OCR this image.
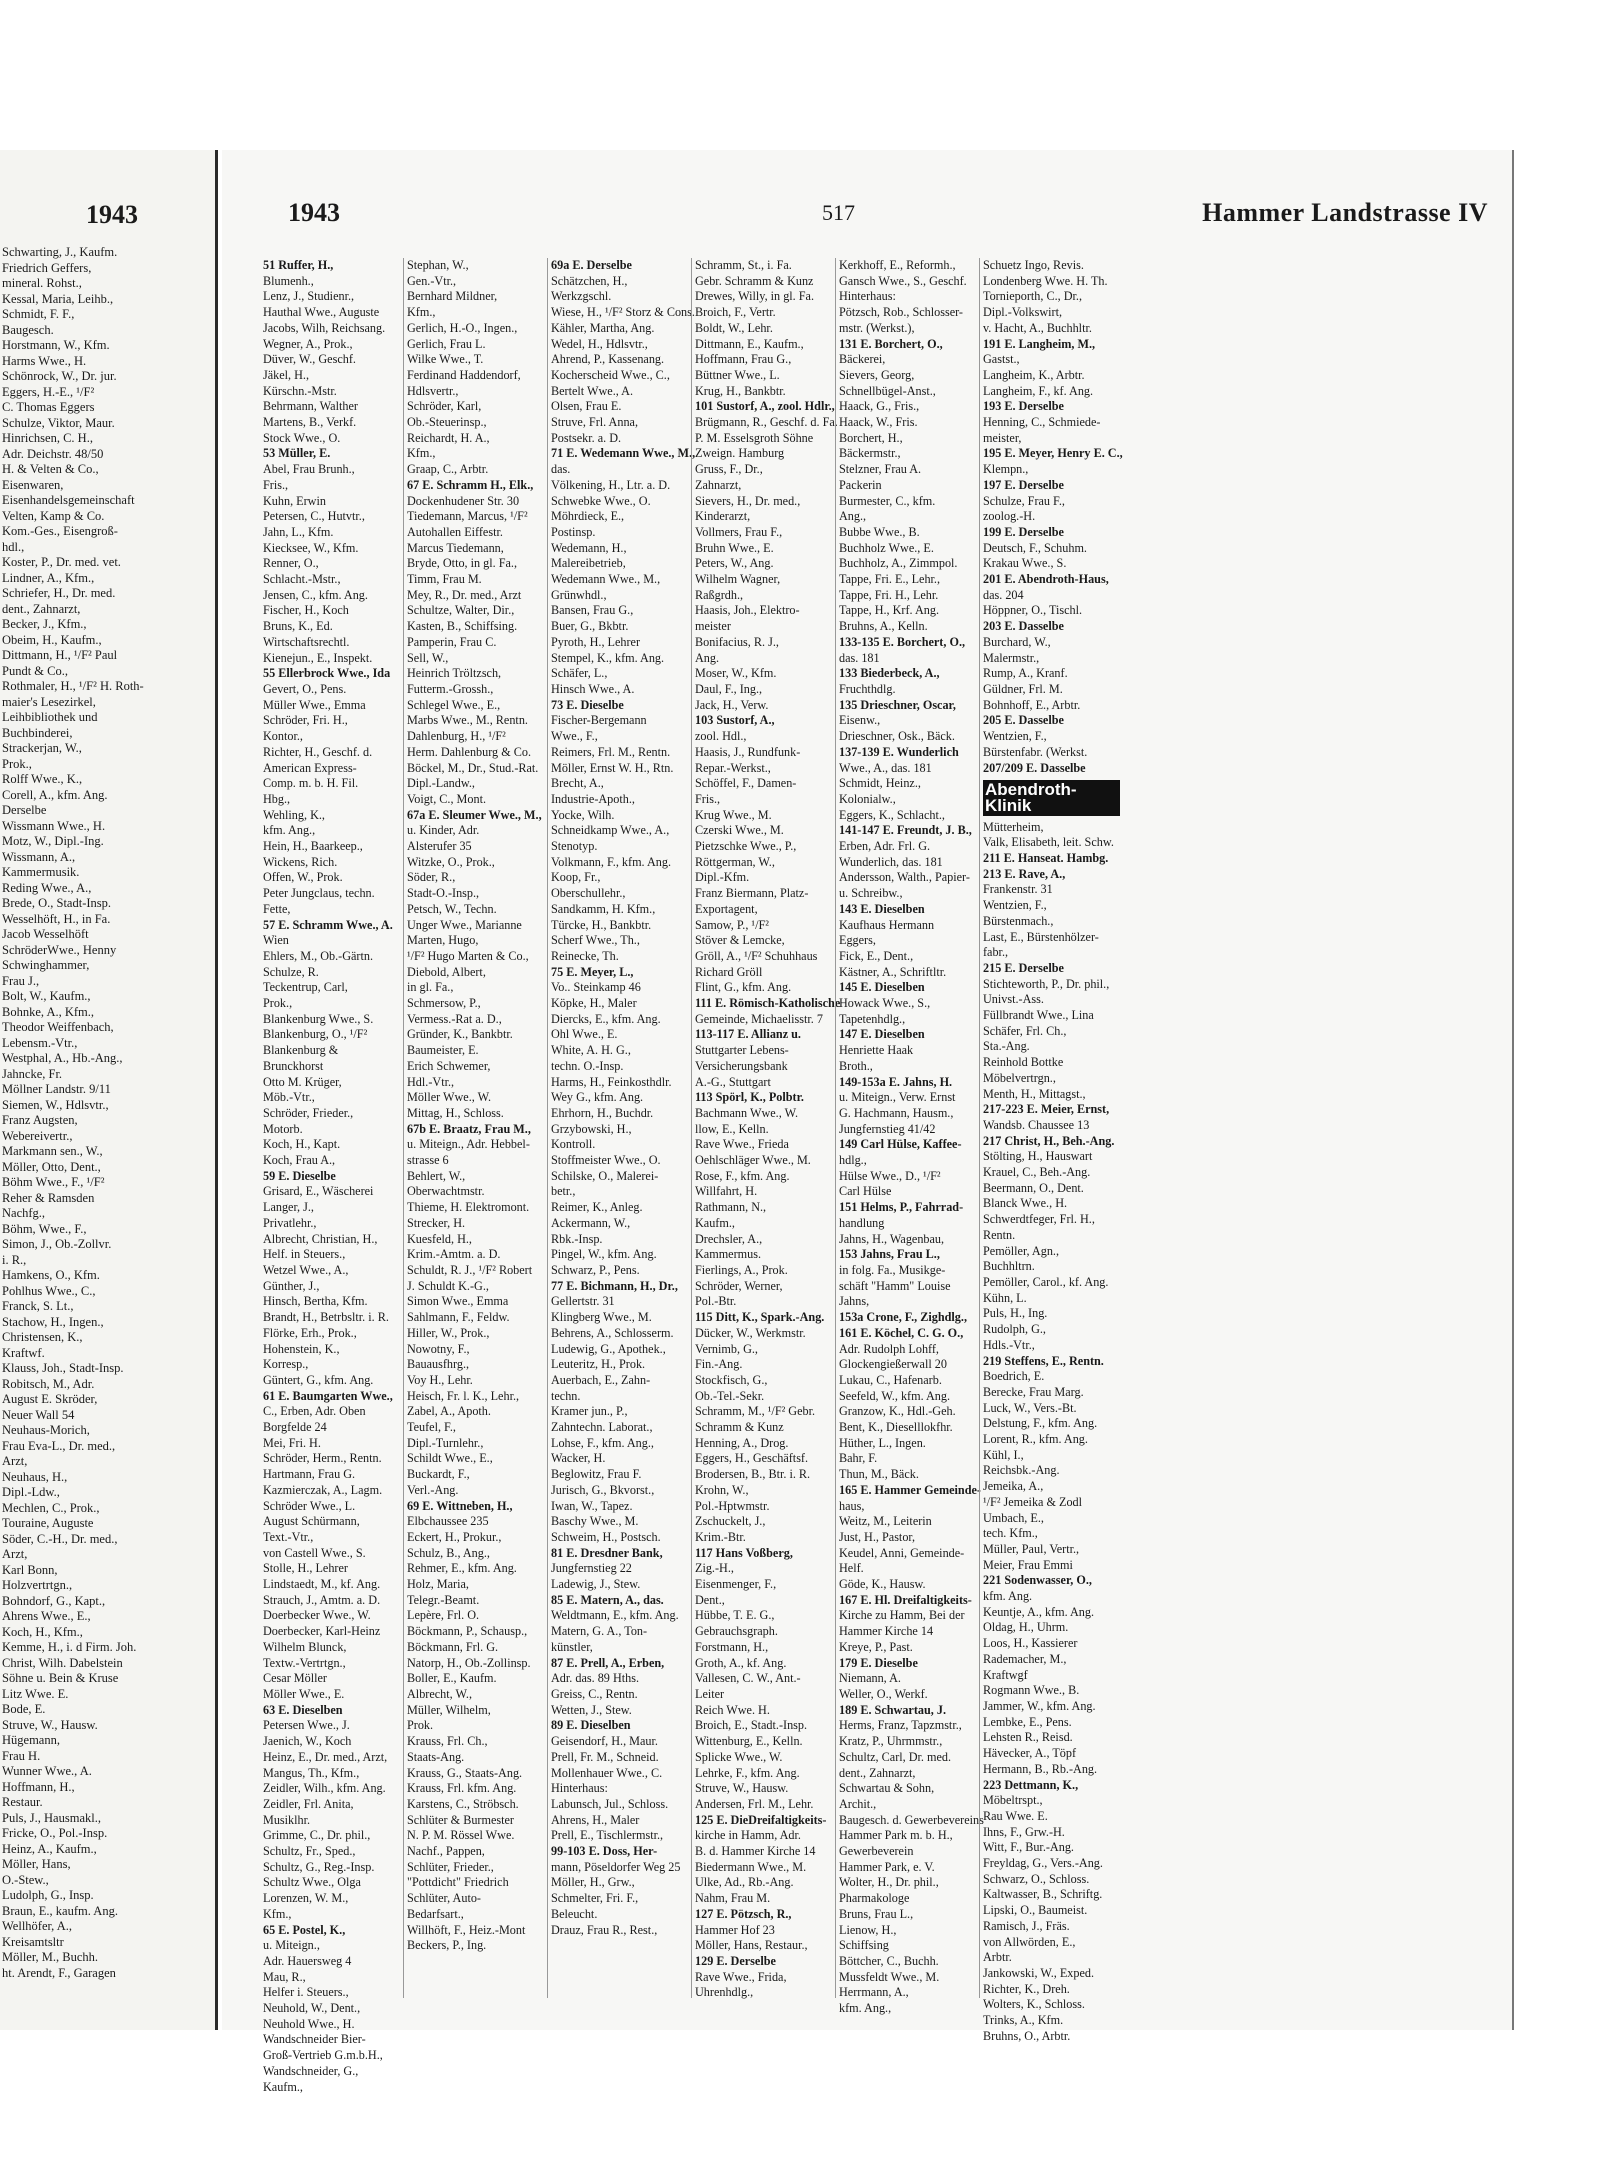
1943
Schwarting, J., Kaufm.
Friedrich Geffers,
mineral. Rohst.,
Kessal, Maria, Leihb.,
Schmidt, F. F.,
Baugesch.
Horstmann, W., Kfm.
Harms Wwe., H.
Schönrock, W., Dr. jur.
Eggers, H.-E., ¹/F²
C. Thomas Eggers
Schulze, Viktor, Maur.
Hinrichsen, C. H.,
Adr. Deichstr. 48/50
H. & Velten & Co.,
Eisenwaren,
Eisenhandelsgemeinschaft
Velten, Kamp & Co.
Kom.-Ges., Eisengroß-
hdl.,
Koster, P., Dr. med. vet.
Lindner, A., Kfm.,
Schriefer, H., Dr. med.
dent., Zahnarzt,
Becker, J., Kfm.,
Obeim, H., Kaufm.,
Dittmann, H., ¹/F² Paul
Pundt & Co.,
Rothmaler, H., ¹/F² H. Roth-
maier's Lesezirkel,
Leihbibliothek und
Buchbinderei,
Strackerjan, W.,
Prok.,
Rolff Wwe., K.,
Corell, A., kfm. Ang.
Derselbe
Wissmann Wwe., H.
Motz, W., Dipl.-Ing.
Wissmann, A.,
Kammermusik.
Reding Wwe., A.,
Brede, O., Stadt-Insp.
Wesselhöft, H., in Fa.
Jacob Wesselhöft
SchröderWwe., Henny
Schwinghammer,
Frau J.,
Bolt, W., Kaufm.,
Bohnke, A., Kfm.,
Theodor Weiffenbach,
Lebensm.-Vtr.,
Westphal, A., Hb.-Ang.,
Jahncke, Fr.
Möllner Landstr. 9/11
Siemen, W., Hdlsvtr.,
Franz Augsten,
Webereivertr.,
Markmann sen., W.,
Möller, Otto, Dent.,
Böhm Wwe., F., ¹/F²
Reher & Ramsden
Nachfg.,
Böhm, Wwe., F.,
Simon, J., Ob.-Zollvr.
i. R.,
Hamkens, O., Kfm.
Pohlhus Wwe., C.,
Franck, S. Lt.,
Stachow, H., Ingen.,
Christensen, K.,
Kraftwf.
Klauss, Joh., Stadt-Insp.
Robitsch, M., Adr.
August E. Skröder,
Neuer Wall 54
Neuhaus-Morich,
Frau Eva-L., Dr. med.,
Arzt,
Neuhaus, H.,
Dipl.-Ldw.,
Mechlen, C., Prok.,
Touraine, Auguste
Söder, C.-H., Dr. med.,
Arzt,
Karl Bonn,
Holzvertrtgn.,
Bohndorf, G., Kapt.,
Ahrens Wwe., E.,
Koch, H., Kfm.,
Kemme, H., i. d Firm. Joh.
Christ, Wilh. Dabelstein
Söhne u. Bein & Kruse
Litz Wwe. E.
Bode, E.
Struve, W., Hausw.
Hügemann,
Frau H.
Wunner Wwe., A.
Hoffmann, H.,
Restaur.
Puls, J., Hausmakl.,
Fricke, O., Pol.-Insp.
Heinz, A., Kaufm.,
Möller, Hans,
O.-Stew.,
Ludolph, G., Insp.
Braun, E., kaufm. Ang.
Wellhöfer, A.,
Kreisamtsltr
Möller, M., Buchh.
ht. Arendt, F., Garagen
1943	517	Hammer Landstrasse IV
51 Ruffer, H.,
Blumenh.,
Lenz, J., Studienr.,
Hauthal Wwe., Auguste
Jacobs, Wilh, Reichsang.
Wegner, A., Prok.,
Düver, W., Geschf.
Jäkel, H.,
Kürschn.-Mstr.
Behrmann, Walther
Martens, B., Verkf.
Stock Wwe., O.
53 Müller, E.
Abel, Frau Brunh.,
Fris.,
Kuhn, Erwin
Petersen, C., Hutvtr.,
Jahn, L., Kfm.
Kiecksee, W., Kfm.
Renner, O.,
Schlacht.-Mstr.,
Jensen, C., kfm. Ang.
Fischer, H., Koch
Bruns, K., Ed.
Wirtschaftsrechtl.
Kienejun., E., Inspekt.
55 Ellerbrock Wwe., Ida
Gevert, O., Pens.
Müller Wwe., Emma
Schröder, Fri. H.,
Kontor.,
Richter, H., Geschf. d.
American Express-
Comp. m. b. H. Fil.
Hbg.,
Wehling, K.,
kfm. Ang.,
Hein, H., Baarkeep.,
Wickens, Rich.
Offen, W., Prok.
Peter Jungclaus, techn.
Fette,
57 E. Schramm Wwe., A.
Wien
Ehlers, M., Ob.-Gärtn.
Schulze, R.
Teckentrup, Carl,
Prok.,
Blankenburg Wwe., S.
Blankenburg, O., ¹/F²
Blankenburg &
Brunckhorst
Otto M. Krüger,
Möb.-Vtr.,
Schröder, Frieder.,
Motorb.
Koch, H., Kapt.
Koch, Frau A.,
59 E. Dieselbe
Grisard, E., Wäscherei
Langer, J.,
Privatlehr.,
Albrecht, Christian, H.,
Helf. in Steuers.,
Wetzel Wwe., A.,
Günther, J.,
Hinsch, Bertha, Kfm.
Brandt, H., Betrbsltr. i. R.
Flörke, Erh., Prok.,
Hohenstein, K.,
Korresp.,
Güntert, G., kfm. Ang.
61 E. Baumgarten Wwe.,
C., Erben, Adr. Oben
Borgfelde 24
Mei, Fri. H.
Schröder, Herm., Rentn.
Hartmann, Frau G.
Kazmierczak, A., Lagm.
Schröder Wwe., L.
August Schürmann,
Text.-Vtr.,
von Castell Wwe., S.
Stolle, H., Lehrer
Lindstaedt, M., kf. Ang.
Strauch, J., Amtm. a. D.
Doerbecker Wwe., W.
Doerbecker, Karl-Heinz
Wilhelm Blunck,
Textw.-Vertrtgn.,
Cesar Möller
Möller Wwe., E.
63 E. Dieselben
Petersen Wwe., J.
Jaenich, W., Koch
Heinz, E., Dr. med., Arzt,
Mangus, Th., Kfm.,
Zeidler, Wilh., kfm. Ang.
Zeidler, Frl. Anita,
Musiklhr.
Grimme, C., Dr. phil.,
Schultz, Fr., Sped.,
Schultz, G., Reg.-Insp.
Schultz Wwe., Olga
Lorenzen, W. M.,
Kfm.,
65 E. Postel, K.,
u. Miteign.,
Adr. Hauersweg 4
Mau, R.,
Helfer i. Steuers.,
Neuhold, W., Dent.,
Neuhold Wwe., H.
Wandschneider Bier-
Groß-Vertrieb G.m.b.H.,
Wandschneider, G.,
Kaufm.,
Stephan, W.,
Gen.-Vtr.,
Bernhard Mildner,
Kfm.,
Gerlich, H.-O., Ingen.,
Gerlich, Frau L.
Wilke Wwe., T.
Ferdinand Haddendorf,
Hdlsvertr.,
Schröder, Karl,
Ob.-Steuerinsp.,
Reichardt, H. A.,
Kfm.,
Graap, C., Arbtr.
67 E. Schramm H., Elk.,
Dockenhudener Str. 30
Tiedemann, Marcus, ¹/F²
Autohallen Eiffestr.
Marcus Tiedemann,
Bryde, Otto, in gl. Fa.,
Timm, Frau M.
Mey, R., Dr. med., Arzt
Schultze, Walter, Dir.,
Kasten, B., Schiffsing.
Pamperin, Frau C.
Sell, W.,
Heinrich Tröltzsch,
Futterm.-Grossh.,
Schlegel Wwe., E.,
Marbs Wwe., M., Rentn.
Dahlenburg, H., ¹/F²
Herm. Dahlenburg & Co.
Böckel, M., Dr., Stud.-Rat.
Dipl.-Landw.,
Voigt, C., Mont.
67a E. Sleumer Wwe., M.,
u. Kinder, Adr.
Alsterufer 35
Witzke, O., Prok.,
Söder, R.,
Stadt-O.-Insp.,
Petsch, W., Techn.
Unger Wwe., Marianne
Marten, Hugo,
¹/F² Hugo Marten & Co.,
Diebold, Albert,
in gl. Fa.,
Schmersow, P.,
Vermess.-Rat a. D.,
Gründer, K., Bankbtr.
Baumeister, E.
Erich Schwemer,
Hdl.-Vtr.,
Möller Wwe., W.
Mittag, H., Schloss.
67b E. Braatz, Frau M.,
u. Miteign., Adr. Hebbel-
strasse 6
Behlert, W.,
Oberwachtmstr.
Thieme, H. Elektromont.
Strecker, H.
Kuesfeld, H.,
Krim.-Amtm. a. D.
Schuldt, R. J., ¹/F² Robert
J. Schuldt K.-G.,
Simon Wwe., Emma
Sahlmann, F., Feldw.
Hiller, W., Prok.,
Nowotny, F.,
Bauausfhrg.,
Voy H., Lehr.
Heisch, Fr. l. K., Lehr.,
Zabel, A., Apoth.
Teufel, F.,
Dipl.-Turnlehr.,
Schildt Wwe., E.,
Buckardt, F.,
Verl.-Ang.
69 E. Wittneben, H.,
Elbchaussee 235
Eckert, H., Prokur.,
Schulz, B., Ang.,
Rehmer, E., kfm. Ang.
Holz, Maria,
Telegr.-Beamt.
Lepère, Frl. O.
Böckmann, P., Schausp.,
Böckmann, Frl. G.
Natorp, H., Ob.-Zollinsp.
Boller, E., Kaufm.
Albrecht, W.,
Müller, Wilhelm,
Prok.
Krauss, Frl. Ch.,
Staats-Ang.
Krauss, G., Staats-Ang.
Krauss, Frl. kfm. Ang.
Karstens, C., Ströbsch.
Schlüter & Burmester
N. P. M. Rössel Wwe.
Nachf., Pappen,
Schlüter, Frieder.,
"Pottdicht" Friedrich
Schlüter, Auto-
Bedarfsart.,
Willhöft, F., Heiz.-Mont
Beckers, P., Ing.
69a E. Derselbe
Schätzchen, H.,
Werkzgschl.
Wiese, H., ¹/F² Storz & Cons.
Kähler, Martha, Ang.
Wedel, H., Hdlsvtr.,
Ahrend, P., Kassenang.
Kocherscheid Wwe., C.,
Bertelt Wwe., A.
Olsen, Frau E.
Struve, Frl. Anna,
Postsekr. a. D.
71 E. Wedemann Wwe., M.,
das.
Völkening, H., Ltr. a. D.
Schwebke Wwe., O.
Möhrdieck, E.,
Postinsp.
Wedemann, H.,
Malereibetrieb,
Wedemann Wwe., M.,
Grünwhdl.,
Bansen, Frau G.,
Buer, G., Bkbtr.
Pyroth, H., Lehrer
Stempel, K., kfm. Ang.
Schäfer, L.,
Hinsch Wwe., A.
73 E. Dieselbe
Fischer-Bergemann
Wwe., F.,
Reimers, Frl. M., Rentn.
Möller, Ernst W. H., Rtn.
Brecht, A.,
Industrie-Apoth.,
Yocke, Wilh.
Schneidkamp Wwe., A.,
Stenotyp.
Volkmann, F., kfm. Ang.
Koop, Fr.,
Oberschullehr.,
Sandkamm, H. Kfm.,
Türcke, H., Bankbtr.
Scherf Wwe., Th.,
Reinecke, Th.
75 E. Meyer, L.,
Vo.. Steinkamp 46
Köpke, H., Maler
Diercks, E., kfm. Ang.
Ohl Wwe., E.
White, A. H. G.,
techn. O.-Insp.
Harms, H., Feinkosthdlr.
Wey G., kfm. Ang.
Ehrhorn, H., Buchdr.
Grzybowski, H.,
Kontroll.
Stoffmeister Wwe., O.
Schilske, O., Malerei-
betr.,
Reimer, K., Anleg.
Ackermann, W.,
Rbk.-Insp.
Pingel, W., kfm. Ang.
Schwarz, P., Pens.
77 E. Bichmann, H., Dr.,
Gellertstr. 31
Klingberg Wwe., M.
Behrens, A., Schlosserm.
Ludewig, G., Apothek.,
Leuteritz, H., Prok.
Auerbach, E., Zahn-
techn.
Kramer jun., P.,
Zahntechn. Laborat.,
Lohse, F., kfm. Ang.,
Wacker, H.
Beglowitz, Frau F.
Jurisch, G., Bkvorst.,
Iwan, W., Tapez.
Baschy Wwe., M.
Schweim, H., Postsch.
81 E. Dresdner Bank,
Jungfernstieg 22
Ladewig, J., Stew.
85 E. Matern, A., das.
Weldtmann, E., kfm. Ang.
Matern, G. A., Ton-
künstler,
87 E. Prell, A., Erben,
Adr. das. 89 Hths.
Greiss, C., Rentn.
Wetten, J., Stew.
89 E. Dieselben
Geisendorf, H., Maur.
Prell, Fr. M., Schneid.
Mollenhauer Wwe., C.
Hinterhaus:
Labunsch, Jul., Schloss.
Ahrens, H., Maler
Prell, E., Tischlermstr.,
99-103 E. Doss, Her-
mann, Pöseldorfer Weg 25
Möller, H., Grw.,
Schmelter, Fri. F.,
Beleucht.
Drauz, Frau R., Rest.,
Schramm, St., i. Fa.
Gebr. Schramm & Kunz
Drewes, Willy, in gl. Fa.
Broich, F., Vertr.
Boldt, W., Lehr.
Dittmann, E., Kaufm.,
Hoffmann, Frau G.,
Büttner Wwe., L.
Krug, H., Bankbtr.
101 Sustorf, A., zool. Hdlr.,
Brügmann, R., Geschf. d. Fa.
P. M. Esselsgroth Söhne
Zweign. Hamburg
Gruss, F., Dr.,
Zahnarzt,
Sievers, H., Dr. med.,
Kinderarzt,
Vollmers, Frau F.,
Bruhn Wwe., E.
Peters, W., Ang.
Wilhelm Wagner,
Raßgrdh.,
Haasis, Joh., Elektro-
meister
Bonifacius, R. J.,
Ang.
Moser, W., Kfm.
Daul, F., Ing.,
Jack, H., Verw.
103 Sustorf, A.,
zool. Hdl.,
Haasis, J., Rundfunk-
Repar.-Werkst.,
Schöffel, F., Damen-
Fris.,
Krug Wwe., M.
Czerski Wwe., M.
Pietzschke Wwe., P.,
Röttgerman, W.,
Dipl.-Kfm.
Franz Biermann, Platz-
Exportagent,
Samow, P., ¹/F²
Stöver & Lemcke,
Gröll, A., ¹/F² Schuhhaus
Richard Gröll
Flint, G., kfm. Ang.
111 E. Römisch-Katholische
Gemeinde, Michaelisstr. 7
113-117 E. Allianz u.
Stuttgarter Lebens-
Versicherungsbank
A.-G., Stuttgart
113 Spörl, K., Polbtr.
Bachmann Wwe., W.
llow, E., Kelln.
Rave Wwe., Frieda
Oehlschläger Wwe., M.
Rose, F., kfm. Ang.
Willfahrt, H.
Rathmann, N.,
Kaufm.,
Drechsler, A.,
Kammermus.
Fierlings, A., Prok.
Schröder, Werner,
Pol.-Btr.
115 Ditt, K., Spark.-Ang.
Dücker, W., Werkmstr.
Vernimb, G.,
Fin.-Ang.
Stockfisch, G.,
Ob.-Tel.-Sekr.
Schramm, M., ¹/F² Gebr.
Schramm & Kunz
Henning, A., Drog.
Eggers, H., Geschäftsf.
Brodersen, B., Btr. i. R.
Krohn, W.,
Pol.-Hptwmstr.
Zschuckelt, J.,
Krim.-Btr.
117 Hans Voßberg,
Zig.-H.,
Eisenmenger, F.,
Dent.,
Hübbe, T. E. G.,
Gebrauchsgraph.
Forstmann, H.,
Groth, A., kf. Ang.
Vallesen, C. W., Ant.-
Leiter
Reich Wwe. H.
Broich, E., Stadt.-Insp.
Wittenburg, E., Kelln.
Splicke Wwe., W.
Lehrke, F., kfm. Ang.
Struve, W., Hausw.
Andersen, Frl. M., Lehr.
125 E. DieDreifaltigkeits-
kirche in Hamm, Adr.
B. d. Hammer Kirche 14
Biedermann Wwe., M.
Ulke, Ad., Rb.-Ang.
Nahm, Frau M.
127 E. Pötzsch, R.,
Hammer Hof 23
Möller, Hans, Restaur.,
129 E. Derselbe
Rave Wwe., Frida,
Uhrenhdlg.,
Kerkhoff, E., Reformh.,
Gansch Wwe., S., Geschf.
Hinterhaus:
Pötzsch, Rob., Schlosser-
mstr. (Werkst.),
131 E. Borchert, O.,
Bäckerei,
Sievers, Georg,
Schnellbügel-Anst.,
Haack, G., Fris.,
Haack, W., Fris.
Borchert, H.,
Bäckermstr.,
Stelzner, Frau A.
Packerin
Burmester, C., kfm.
Ang.,
Bubbe Wwe., B.
Buchholz Wwe., E.
Buchholz, A., Zimmpol.
Tappe, Fri. E., Lehr.,
Tappe, Fri. H., Lehr.
Tappe, H., Krf. Ang.
Bruhns, A., Kelln.
133-135 E. Borchert, O.,
das. 181
133 Biederbeck, A.,
Fruchthdlg.
135 Drieschner, Oscar,
Eisenw.,
Drieschner, Osk., Bäck.
137-139 E. Wunderlich
Wwe., A., das. 181
Schmidt, Heinz.,
Kolonialw.,
Eggers, K., Schlacht.,
141-147 E. Freundt, J. B.,
Erben, Adr. Frl. G.
Wunderlich, das. 181
Andersson, Walth., Papier-
u. Schreibw.,
143 E. Dieselben
Kaufhaus Hermann
Eggers,
Fick, E., Dent.,
Kästner, A., Schriftltr.
145 E. Dieselben
Howack Wwe., S.,
Tapetenhdlg.,
147 E. Dieselben
Henriette Haak
Broth.,
149-153a E. Jahns, H.
u. Miteign., Verw. Ernst
G. Hachmann, Hausm.,
Jungfernstieg 41/42
149 Carl Hülse, Kaffee-
hdlg.,
Hülse Wwe., D., ¹/F²
Carl Hülse
151 Helms, P., Fahrrad-
handlung
Jahns, H., Wagenbau,
153 Jahns, Frau L.,
in folg. Fa., Musikge-
schäft "Hamm" Louise
Jahns,
153a Crone, F., Zighdlg.,
161 E. Köchel, C. G. O.,
Adr. Rudolph Lohff,
Glockengießerwall 20
Lukau, C., Hafenarb.
Seefeld, W., kfm. Ang.
Granzow, K., Hdl.-Geh.
Bent, K., Dieselllokfhr.
Hüther, L., Ingen.
Bahr, F.
Thun, M., Bäck.
165 E. Hammer Gemeinde-
haus,
Weitz, M., Leiterin
Just, H., Pastor,
Keudel, Anni, Gemeinde-
Helf.
Göde, K., Hausw.
167 E. Hl. Dreifaltigkeits-
Kirche zu Hamm, Bei der
Hammer Kirche 14
Kreye, P., Past.
179 E. Dieselbe
Niemann, A.
Weller, O., Werkf.
189 E. Schwartau, J.
Herms, Franz, Tapzmstr.,
Kratz, P., Uhrmmstr.,
Schultz, Carl, Dr. med.
dent., Zahnarzt,
Schwartau & Sohn,
Archit.,
Baugesch. d. Gewerbevereins
Hammer Park m. b. H.,
Gewerbeverein
Hammer Park, e. V.
Wolter, H., Dr. phil.,
Pharmakologe
Bruns, Frau L.,
Lienow, H.,
Schiffsing
Böttcher, C., Buchh.
Mussfeldt Wwe., M.
Herrmann, A.,
kfm. Ang.,
Schuetz Ingo, Revis.
Londenberg Wwe. H. Th.
Tornieporth, C., Dr.,
Dipl.-Volkswirt,
v. Hacht, A., Buchhltr.
191 E. Langheim, M.,
Gastst.,
Langheim, K., Arbtr.
Langheim, F., kf. Ang.
193 E. Derselbe
Henning, C., Schmiede-
meister,
195 E. Meyer, Henry E. C.,
Klempn.,
197 E. Derselbe
Schulze, Frau F.,
zoolog.-H.
199 E. Derselbe
Deutsch, F., Schuhm.
Krakau Wwe., S.
201 E. Abendroth-Haus,
das. 204
Höppner, O., Tischl.
203 E. Dasselbe
Burchard, W.,
Malermstr.,
Rump, A., Kranf.
Güldner, Frl. M.
Bohnhoff, E., Arbtr.
205 E. Dasselbe
Wentzien, F.,
Bürstenfabr. (Werkst.
207/209 E. Dasselbe
Abendroth-Klinik
Mütterheim,
Valk, Elisabeth, leit. Schw.
211 E. Hanseat. Hambg.
213 E. Rave, A.,
Frankenstr. 31
Wentzien, F.,
Bürstenmach.,
Last, E., Bürstenhölzer-
fabr.,
215 E. Derselbe
Stichteworth, P., Dr. phil.,
Univst.-Ass.
Füllbrandt Wwe., Lina
Schäfer, Frl. Ch.,
Sta.-Ang.
Reinhold Bottke
Möbelvertrgn.,
Menth, H., Mittagst.,
217-223 E. Meier, Ernst,
Wandsb. Chaussee 13
217 Christ, H., Beh.-Ang.
Stölting, H., Hauswart
Krauel, C., Beh.-Ang.
Beermann, O., Dent.
Blanck Wwe., H.
Schwerdtfeger, Frl. H.,
Rentn.
Pemöller, Agn.,
Buchhltrn.
Pemöller, Carol., kf. Ang.
Kühn, L.
Puls, H., Ing.
Rudolph, G.,
Hdls.-Vtr.,
219 Steffens, E., Rentn.
Boedrich, E.
Berecke, Frau Marg.
Luck, W., Vers.-Bt.
Delstung, F., kfm. Ang.
Lorent, R., kfm. Ang.
Kühl, I.,
Reichsbk.-Ang.
Jemeika, A.,
¹/F² Jemeika & Zodl
Umbach, E.,
tech. Kfm.,
Müller, Paul, Vertr.,
Meier, Frau Emmi
221 Sodenwasser, O.,
kfm. Ang.
Keuntje, A., kfm. Ang.
Oldag, H., Uhrm.
Loos, H., Kassierer
Rademacher, M.,
Kraftwgf
Rogmann Wwe., B.
Jammer, W., kfm. Ang.
Lembke, E., Pens.
Lehsten R., Reisd.
Hävecker, A., Töpf
Hermann, B., Rb.-Ang.
223 Dettmann, K.,
Möbeltrspt.,
Rau Wwe. E.
Ihns, F., Grw.-H.
Witt, F., Bur.-Ang.
Freyldag, G., Vers.-Ang.
Schwarz, O., Schloss.
Kaltwasser, B., Schriftg.
Lipski, O., Baumeist.
Ramisch, J., Fräs.
von Allwörden, E.,
Arbtr.
Jankowski, W., Exped.
Richter, K., Dreh.
Wolters, K., Schloss.
Trinks, A., Kfm.
Bruhns, O., Arbtr.
